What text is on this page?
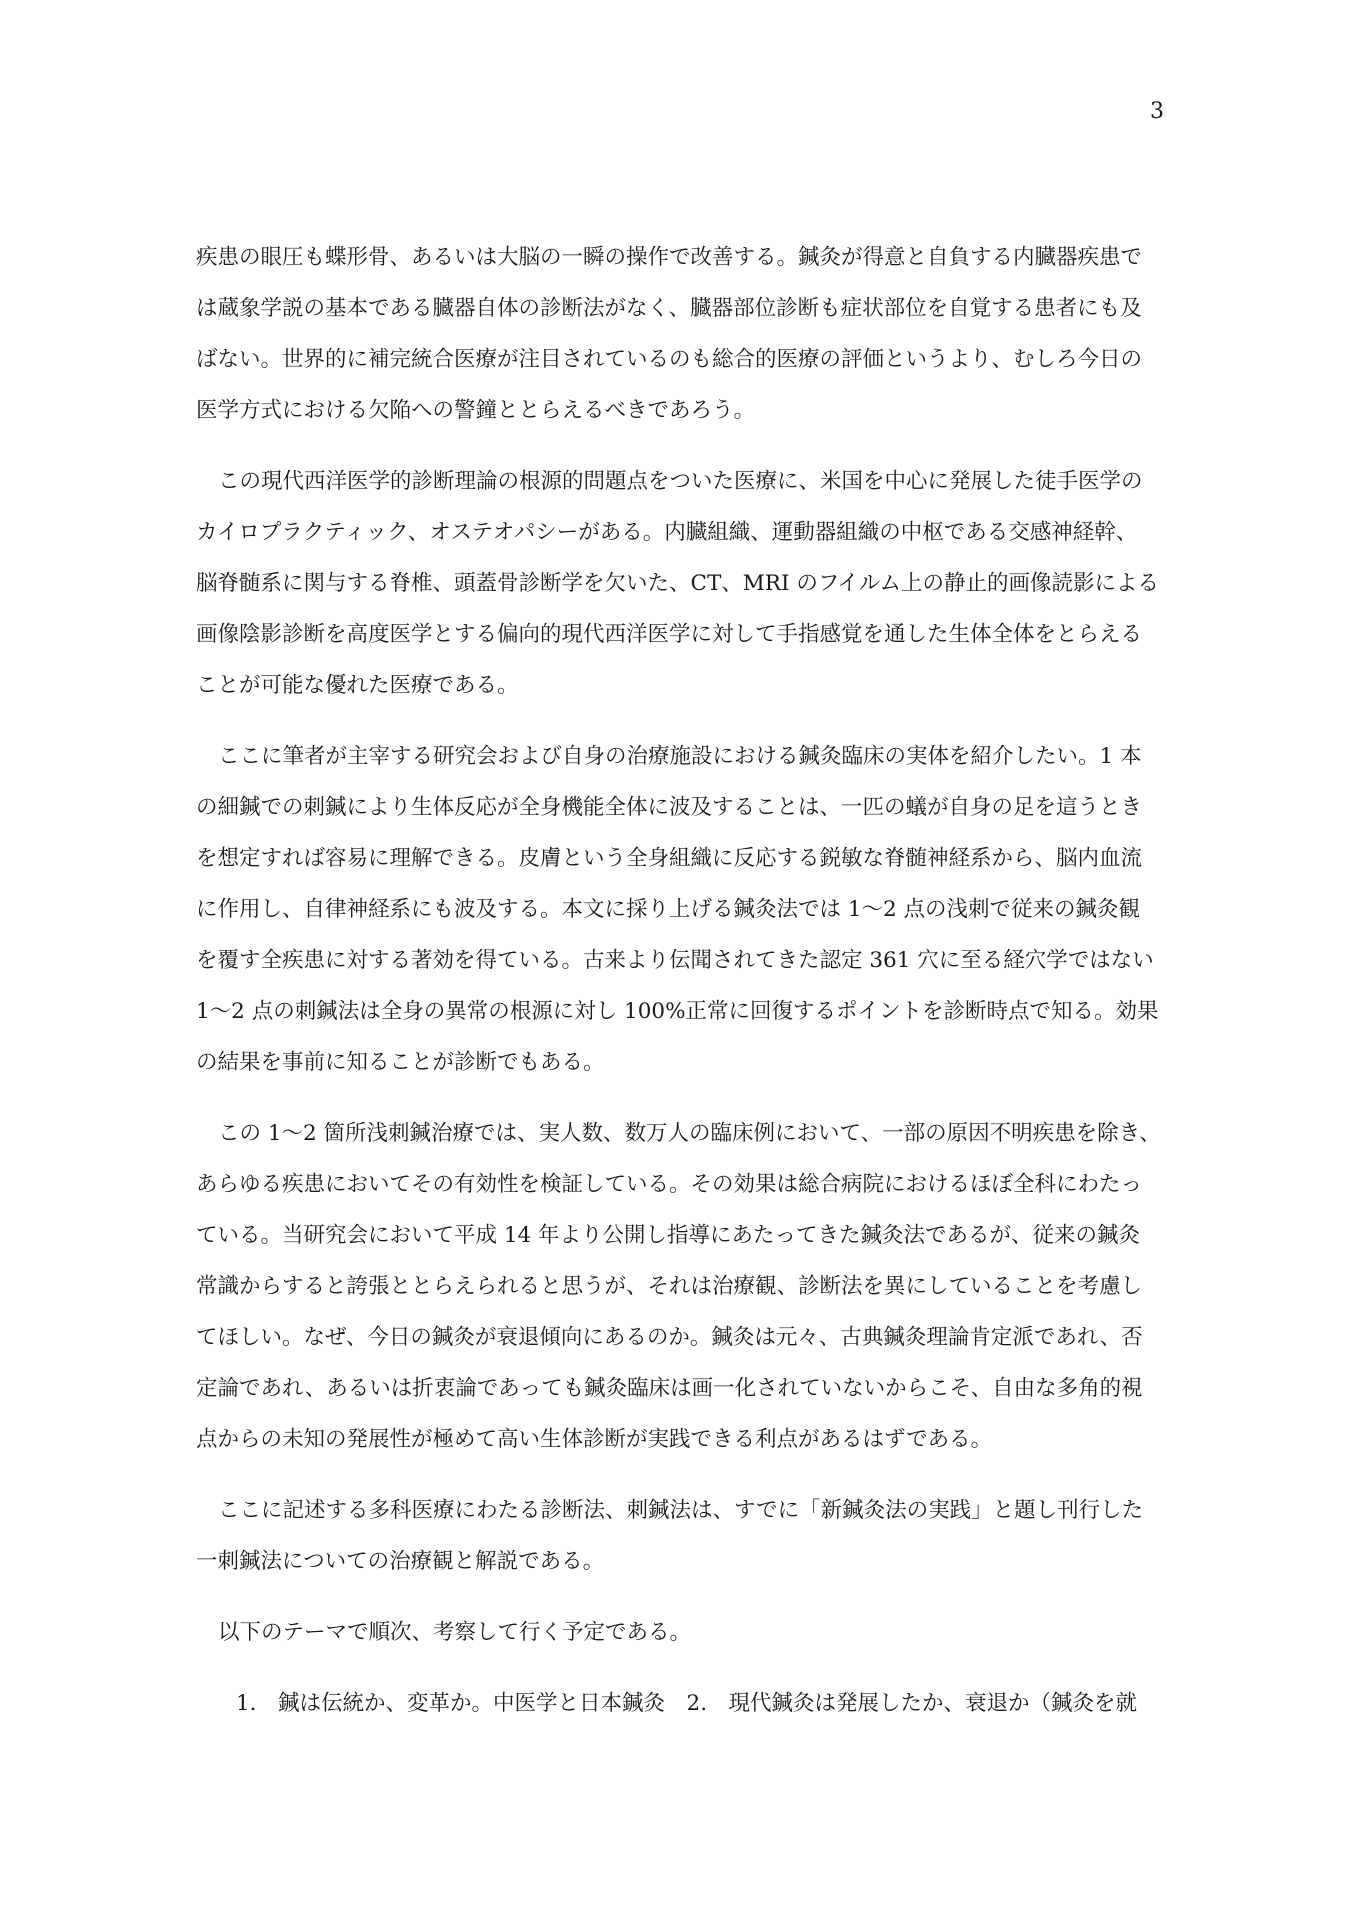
3
疾患の眼圧も蝶形骨、あるいは大脳の一瞬の操作で改善する。鍼灸が得意と自負する内臓器疾患で
は蔵象学説の基本である臓器自体の診断法がなく、臓器部位診断も症状部位を自覚する患者にも及
ばない。世界的に補完統合医療が注目されているのも総合的医療の評価というより、むしろ今日の
医学方式における欠陥への警鐘ととらえるべきであろう。
この現代西洋医学的診断理論の根源的問題点をついた医療に、米国を中心に発展した徒手医学の
カイロプラクティック、オステオパシーがある。内臓組織、運動器組織の中枢である交感神経幹、
脳脊髄系に関与する脊椎、頭蓋骨診断学を欠いた、CT、MRI のフイルム上の静止的画像読影による
画像陰影診断を高度医学とする偏向的現代西洋医学に対して手指感覚を通した生体全体をとらえる
ことが可能な優れた医療である。
ここに筆者が主宰する研究会および自身の治療施設における鍼灸臨床の実体を紹介したい。1 本
の細鍼での刺鍼により生体反応が全身機能全体に波及することは、一匹の蟻が自身の足を這うとき
を想定すれば容易に理解できる。皮膚という全身組織に反応する鋭敏な脊髄神経系から、脳内血流
に作用し、自律神経系にも波及する。本文に採り上げる鍼灸法では 1〜2 点の浅刺で従来の鍼灸観
を覆す全疾患に対する著効を得ている。古来より伝聞されてきた認定 361 穴に至る経穴学ではない
1〜2 点の刺鍼法は全身の異常の根源に対し 100%正常に回復するポイントを診断時点で知る。効果
の結果を事前に知ることが診断でもある。
この 1〜2 箇所浅刺鍼治療では、実人数、数万人の臨床例において、一部の原因不明疾患を除き、
あらゆる疾患においてその有効性を検証している。その効果は総合病院におけるほぼ全科にわたっ
ている。当研究会において平成 14 年より公開し指導にあたってきた鍼灸法であるが、従来の鍼灸
常識からすると誇張ととらえられると思うが、それは治療観、診断法を異にしていることを考慮し
てほしい。なぜ、今日の鍼灸が衰退傾向にあるのか。鍼灸は元々、古典鍼灸理論肯定派であれ、否
定論であれ、あるいは折衷論であっても鍼灸臨床は画一化されていないからこそ、自由な多角的視
点からの未知の発展性が極めて高い生体診断が実践できる利点があるはずである。
ここに記述する多科医療にわたる診断法、刺鍼法は、すでに「新鍼灸法の実践」と題し刊行した
一刺鍼法についての治療観と解説である。
以下のテーマで順次、考察して行く予定である。
1.　鍼は伝統か、変革か。中医学と日本鍼灸　2.　現代鍼灸は発展したか、衰退か（鍼灸を就
